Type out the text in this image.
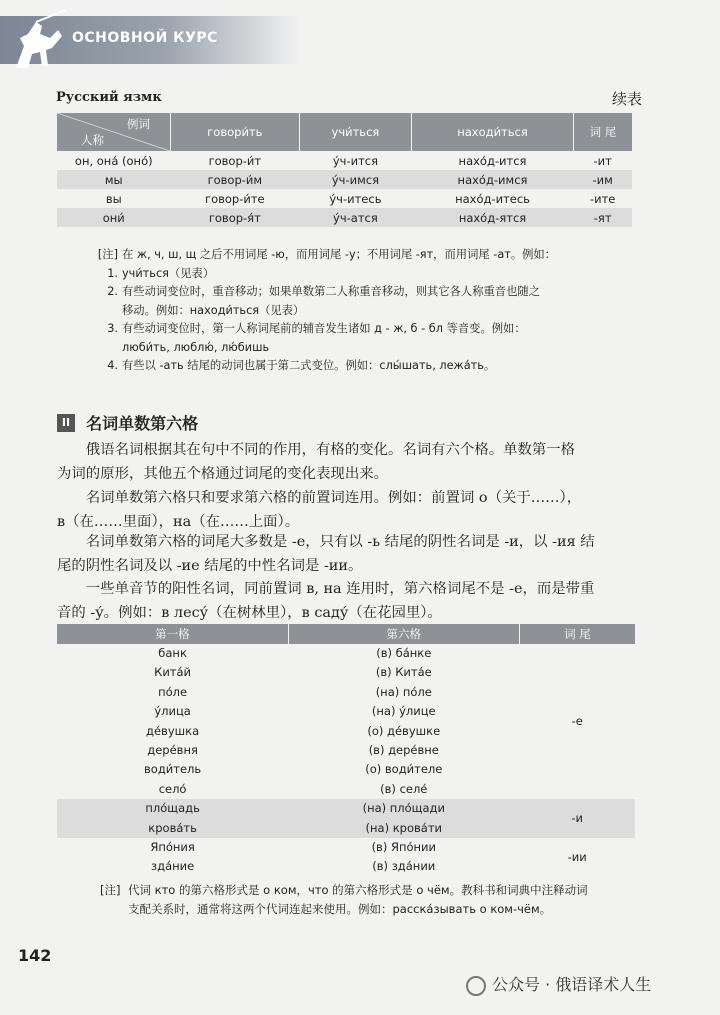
ОСНОВНОЙ КУРС
Русский язмк	续表
例词
人称	говори́ть	учи́ться	находи́ться	词 尾
он, она́ (оно́)	говор-и́т	у́ч-ится	нахо́д-ится	-ит
мы	говор-и́м	у́ч-имся	нахо́д-имся	-им
вы	говор-и́те	у́ч-итесь	нахо́д-итесь	-ите
они́	говор-я́т	у́ч-атся	нахо́д-ятся	-ят
[注] 1.
在 ж, ч, ш, щ 之后不用词尾 -ю，而用词尾 -у；不用词尾 -ят，而用词尾 -ат。例如：
учи́ться（见表）
2. 有些动词变位时，重音移动；如果单数第二人称重音移动，则其它各人称重音也随之
移动。例如：находи́ться（见表）
3. 有些动词变位时，第一人称词尾前的辅音发生诸如 д - ж, б - бл 等音变。例如：
люби́ть, люблю́, лю́бишь
4. 有些以 -ать 结尾的动词也属于第二式变位。例如：слы́шать, лежа́ть。
II 名词单数第六格
　　俄语名词根据其在句中不同的作用，有格的变化。名词有六个格。单数第一格
为词的原形，其他五个格通过词尾的变化表现出来。
　　名词单数第六格只和要求第六格的前置词连用。例如：前置词 о（关于……），
в（在……里面），на（在……上面）。
　　名词单数第六格的词尾大多数是 -е，只有以 -ь 结尾的阴性名词是 -и，以 -ия 结
尾的阴性名词及以 -ие 结尾的中性名词是 -ии。
　　一些单音节的阳性名词，同前置词 в, на 连用时，第六格词尾不是 -е，而是带重
音的 -у́。例如：в лесу́（在树林里），в саду́（在花园里）。
第一格	第六格	词 尾
банк	(в) ба́нке	-е
Кита́й	(в) Кита́е	
по́ле	(на) по́ле	
у́лица	(на) у́лице	
де́вушка	(о) де́вушке	
дере́вня	(в) дере́вне	
води́тель	(о) води́теле	
село́	(в) селе́	
пло́щадь	(на) пло́щади	-и
крова́ть	(на) крова́ти	
Япо́ния	(в) Япо́нии	-ии
зда́ние	(в) зда́нии	
[注] 代词 кто 的第六格形式是 о ком，что 的第六格形式是 о чём。教科书和词典中注释动词
支配关系时，通常将这两个代词连起来使用。例如：расска́зывать о ком-чём。
142
公众号 · 俄语译术人生
